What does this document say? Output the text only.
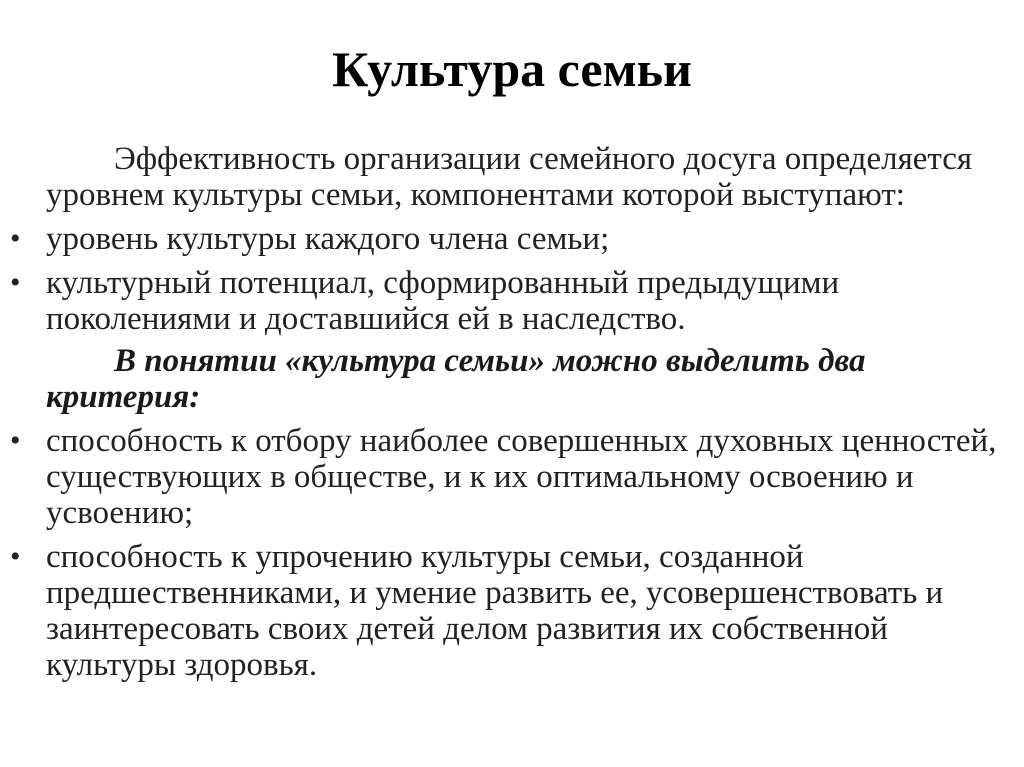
Культура семьи

Эффективность организации семейного досуга определяется уровнем культуры семьи, компонентами которой выступают:

• уровень культуры каждого члена семьи;
• культурный потенциал, сформированный предыдущими поколениями и доставшийся ей в наследство.

В понятии «культура семьи» можно выделить два критерия:

• способность к отбору наиболее совершенных духовных ценностей, существующих в обществе, и к их оптимальному освоению и усвоению;
• способность к упрочению культуры семьи, созданной предшественниками, и умение развить ее, усовершенствовать и заинтересовать своих детей делом развития их собственной культуры здоровья.
